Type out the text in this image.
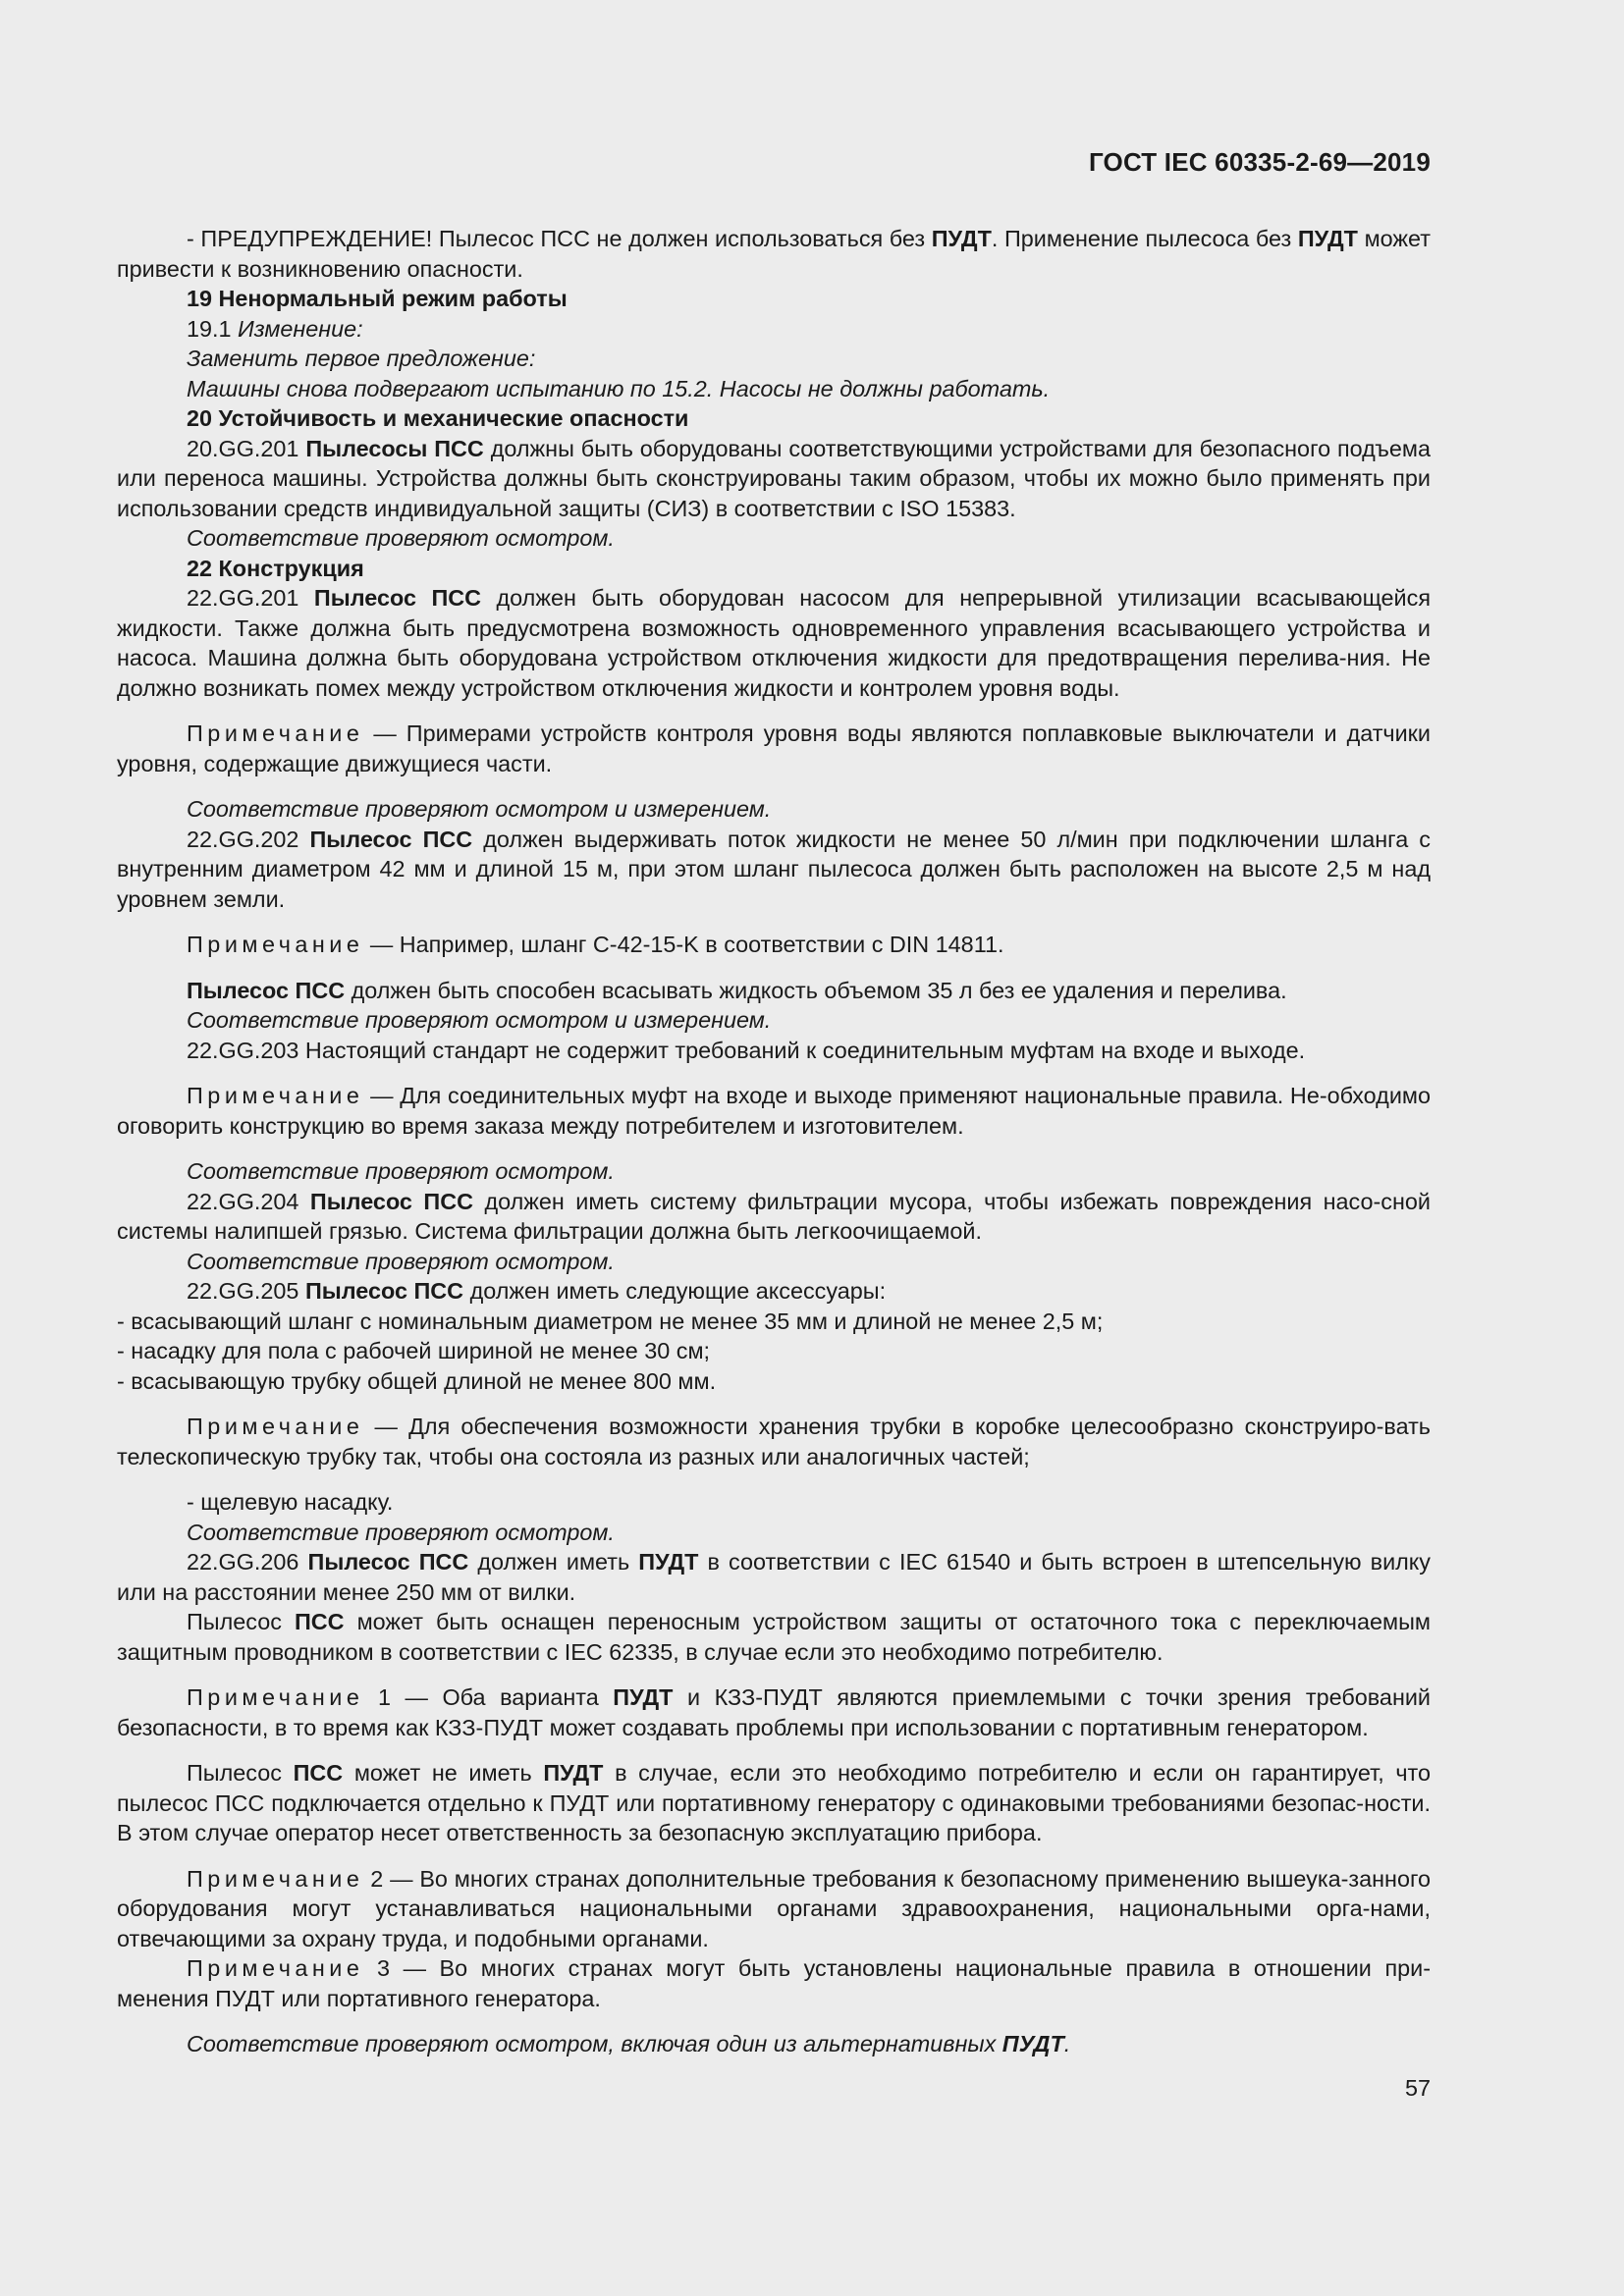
ГОСТ IEC 60335-2-69—2019

- ПРЕДУПРЕЖДЕНИЕ! Пылесос ПСС не должен использоваться без ПУДТ. Применение пылесоса без ПУДТ может привести к возникновению опасности.

19 Ненормальный режим работы

19.1 Изменение:

Заменить первое предложение:

Машины снова подвергают испытанию по 15.2. Насосы не должны работать.

20 Устойчивость и механические опасности

20.GG.201 Пылесосы ПСС должны быть оборудованы соответствующими устройствами для безопасного подъема или переноса машины. Устройства должны быть сконструированы таким образом, чтобы их можно было применять при использовании средств индивидуальной защиты (СИЗ) в соответствии с ISO 15383.

Соответствие проверяют осмотром.

22 Конструкция

22.GG.201 Пылесос ПСС должен быть оборудован насосом для непрерывной утилизации всасывающейся жидкости. Также должна быть предусмотрена возможность одновременного управления всасывающего устройства и насоса. Машина должна быть оборудована устройством отключения жидкости для предотвращения перелива-ния. Не должно возникать помех между устройством отключения жидкости и контролем уровня воды.

Примечание — Примерами устройств контроля уровня воды являются поплавковые выключатели и датчики уровня, содержащие движущиеся части.

Соответствие проверяют осмотром и измерением.

22.GG.202 Пылесос ПСС должен выдерживать поток жидкости не менее 50 л/мин при подключении шланга с внутренним диаметром 42 мм и длиной 15 м, при этом шланг пылесоса должен быть расположен на высоте 2,5 м над уровнем земли.

Примечание — Например, шланг C-42-15-K в соответствии с DIN 14811.

Пылесос ПСС должен быть способен всасывать жидкость объемом 35 л без ее удаления и перелива.

Соответствие проверяют осмотром и измерением.

22.GG.203 Настоящий стандарт не содержит требований к соединительным муфтам на входе и выходе.

Примечание — Для соединительных муфт на входе и выходе применяют национальные правила. Не-обходимо оговорить конструкцию во время заказа между потребителем и изготовителем.

Соответствие проверяют осмотром.

22.GG.204 Пылесос ПСС должен иметь систему фильтрации мусора, чтобы избежать повреждения насо-сной системы налипшей грязью. Система фильтрации должна быть легкоочищаемой.

Соответствие проверяют осмотром.

22.GG.205 Пылесос ПСС должен иметь следующие аксессуары:

- всасывающий шланг с номинальным диаметром не менее 35 мм и длиной не менее 2,5 м;

- насадку для пола с рабочей шириной не менее 30 см;

- всасывающую трубку общей длиной не менее 800 мм.

Примечание — Для обеспечения возможности хранения трубки в коробке целесообразно сконструиро-вать телескопическую трубку так, чтобы она состояла из разных или аналогичных частей;

- щелевую насадку.

Соответствие проверяют осмотром.

22.GG.206 Пылесос ПСС должен иметь ПУДТ в соответствии с IEC 61540 и быть встроен в штепсельную вилку или на расстоянии менее 250 мм от вилки.

Пылесос ПСС может быть оснащен переносным устройством защиты от остаточного тока с переключаемым защитным проводником в соответствии с IEC 62335, в случае если это необходимо потребителю.

Примечание 1 — Оба варианта ПУДТ и КЗЗ-ПУДТ являются приемлемыми с точки зрения требований безопасности, в то время как КЗЗ-ПУДТ может создавать проблемы при использовании с портативным генератором.

Пылесос ПСС может не иметь ПУДТ в случае, если это необходимо потребителю и если он гарантирует, что пылесос ПСС подключается отдельно к ПУДТ или портативному генератору с одинаковыми требованиями безопас-ности. В этом случае оператор несет ответственность за безопасную эксплуатацию прибора.

Примечание 2 — Во многих странах дополнительные требования к безопасному применению вышеука-занного оборудования могут устанавливаться национальными органами здравоохранения, национальными орга-нами, отвечающими за охрану труда, и подобными органами.

Примечание 3 — Во многих странах могут быть установлены национальные правила в отношении при-менения ПУДТ или портативного генератора.

Соответствие проверяют осмотром, включая один из альтернативных ПУДТ.

57
